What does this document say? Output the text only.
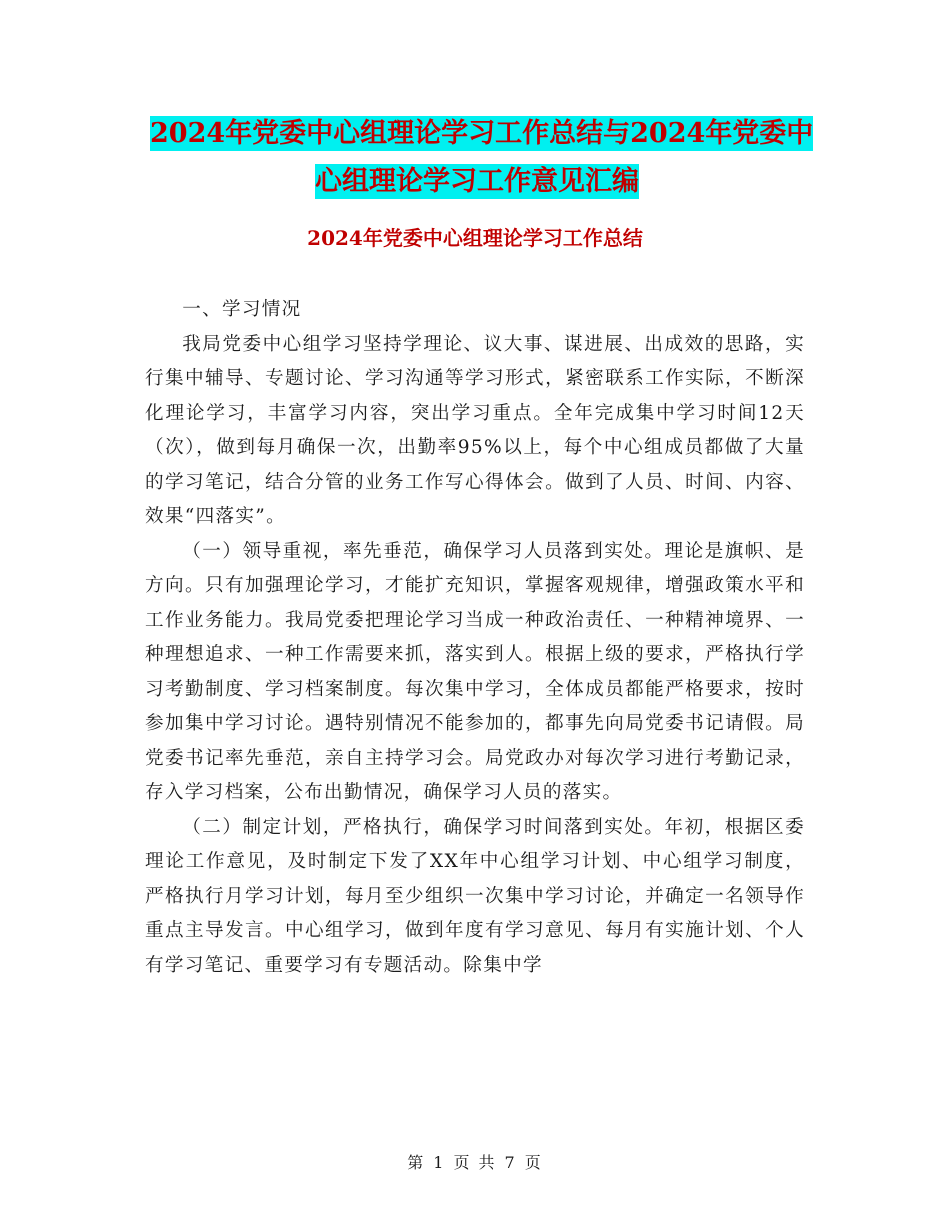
2024年党委中心组理论学习工作总结与2024年党委中
心组理论学习工作意见汇编
2024年党委中心组理论学习工作总结

一、学习情况

我局党委中心组学习坚持学理论、议大事、谋进展、出成效的思路，实行集中辅导、专题讨论、学习沟通等学习形式，紧密联系工作实际，不断深化理论学习，丰富学习内容，突出学习重点。全年完成集中学习时间12天（次），做到每月确保一次，出勤率95%以上，每个中心组成员都做了大量的学习笔记，结合分管的业务工作写心得体会。做到了人员、时间、内容、效果“四落实”。

（一）领导重视，率先垂范，确保学习人员落到实处。理论是旗帜、是方向。只有加强理论学习，才能扩充知识，掌握客观规律，增强政策水平和工作业务能力。我局党委把理论学习当成一种政治责任、一种精神境界、一种理想追求、一种工作需要来抓，落实到人。根据上级的要求，严格执行学习考勤制度、学习档案制度。每次集中学习，全体成员都能严格要求，按时参加集中学习讨论。遇特别情况不能参加的，都事先向局党委书记请假。局党委书记率先垂范，亲自主持学习会。局党政办对每次学习进行考勤记录，存入学习档案，公布出勤情况，确保学习人员的落实。

（二）制定计划，严格执行，确保学习时间落到实处。年初，根据区委理论工作意见，及时制定下发了XX年中心组学习计划、中心组学习制度，严格执行月学习计划，每月至少组织一次集中学习讨论，并确定一名领导作重点主导发言。中心组学习，做到年度有学习意见、每月有实施计划、个人有学习笔记、重要学习有专题活动。除集中学

第 1 页 共 7 页
